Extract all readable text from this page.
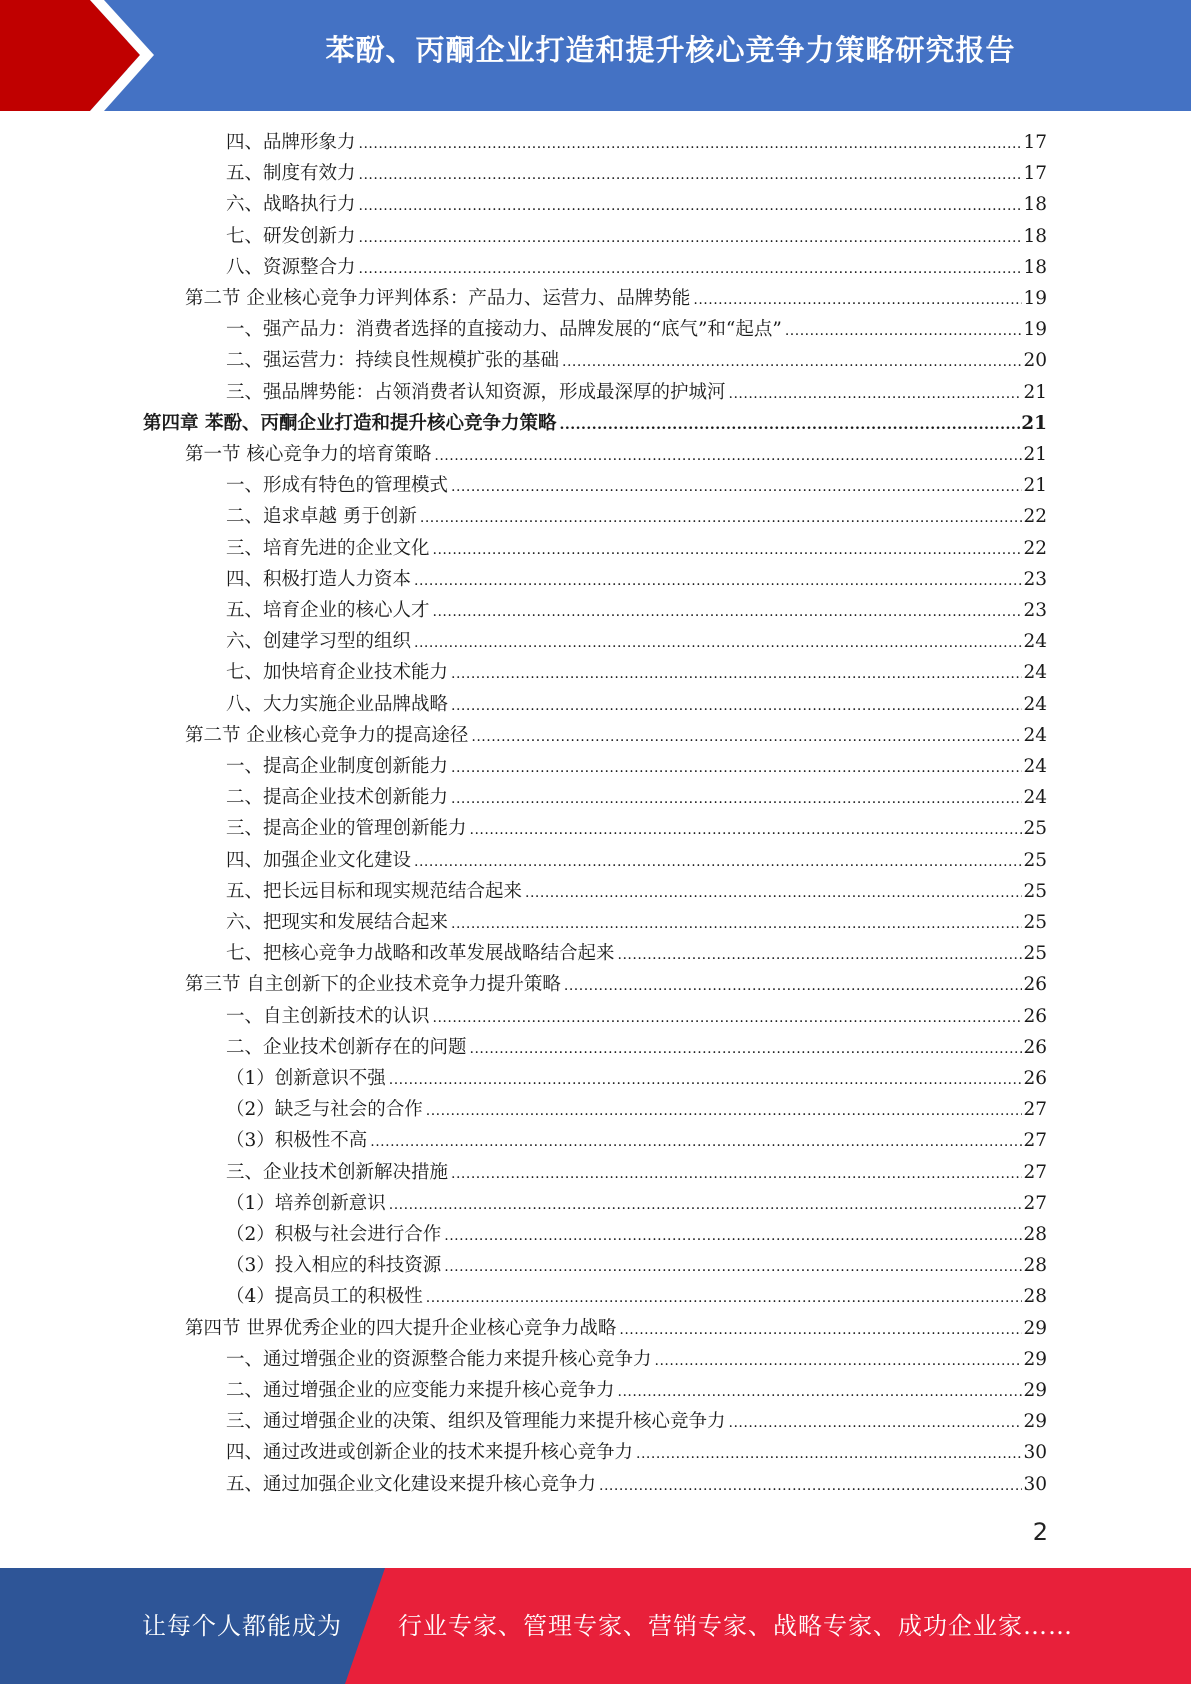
苯酚、丙酮企业打造和提升核心竞争力策略研究报告
四、品牌形象力 .....	17
五、制度有效力 .....	17
六、战略执行力 .....	18
七、研发创新力 .....	18
八、资源整合力 .....	18
第二节 企业核心竞争力评判体系：产品力、运营力、品牌势能 .....	19
一、强产品力：消费者选择的直接动力、品牌发展的“底气”和“起点” .....	19
二、强运营力：持续良性规模扩张的基础 .....	20
三、强品牌势能：占领消费者认知资源，形成最深厚的护城河 .....	21
第四章 苯酚、丙酮企业打造和提升核心竞争力策略 .....	21
第一节 核心竞争力的培育策略 .....	21
一、形成有特色的管理模式 .....	21
二、追求卓越 勇于创新 .....	22
三、培育先进的企业文化 .....	22
四、积极打造人力资本 .....	23
五、培育企业的核心人才 .....	23
六、创建学习型的组织 .....	24
七、加快培育企业技术能力 .....	24
八、大力实施企业品牌战略 .....	24
第二节 企业核心竞争力的提高途径 .....	24
一、提高企业制度创新能力 .....	24
二、提高企业技术创新能力 .....	24
三、提高企业的管理创新能力 .....	25
四、加强企业文化建设 .....	25
五、把长远目标和现实规范结合起来 .....	25
六、把现实和发展结合起来 .....	25
七、把核心竞争力战略和改革发展战略结合起来 .....	25
第三节 自主创新下的企业技术竞争力提升策略 .....	26
一、自主创新技术的认识 .....	26
二、企业技术创新存在的问题 .....	26
（1）创新意识不强 .....	26
（2）缺乏与社会的合作 .....	27
（3）积极性不高 .....	27
三、企业技术创新解决措施 .....	27
（1）培养创新意识 .....	27
（2）积极与社会进行合作 .....	28
（3）投入相应的科技资源 .....	28
（4）提高员工的积极性 .....	28
第四节 世界优秀企业的四大提升企业核心竞争力战略 .....	29
一、通过增强企业的资源整合能力来提升核心竞争力 .....	29
二、通过增强企业的应变能力来提升核心竞争力 .....	29
三、通过增强企业的决策、组织及管理能力来提升核心竞争力 .....	29
四、通过改进或创新企业的技术来提升核心竞争力 .....	30
五、通过加强企业文化建设来提升核心竞争力 .....	30
2
让每个人都能成为 行业专家、管理专家、营销专家、战略专家、成功企业家……
